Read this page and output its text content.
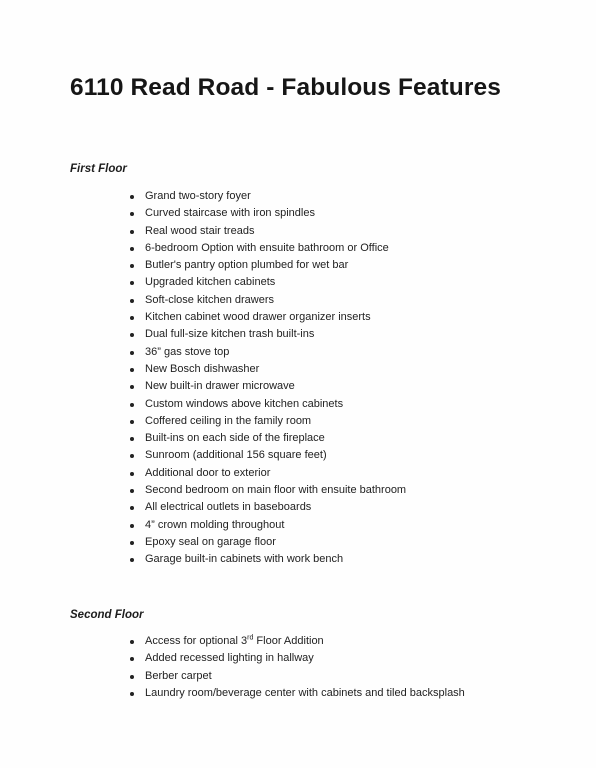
6110 Read Road - Fabulous Features
First Floor
Grand two-story foyer
Curved staircase with iron spindles
Real wood stair treads
6-bedroom Option with ensuite bathroom or Office
Butler's pantry option plumbed for wet bar
Upgraded kitchen cabinets
Soft-close kitchen drawers
Kitchen cabinet wood drawer organizer inserts
Dual full-size kitchen trash built-ins
36” gas stove top
New Bosch dishwasher
New built-in drawer microwave
Custom windows above kitchen cabinets
Coffered ceiling in the family room
Built-ins on each side of the fireplace
Sunroom (additional 156 square feet)
Additional door to exterior
Second bedroom on main floor with ensuite bathroom
All electrical outlets in baseboards
4” crown molding throughout
Epoxy seal on garage floor
Garage built-in cabinets with work bench
Second Floor
Access for optional 3rd Floor Addition
Added recessed lighting in hallway
Berber carpet
Laundry room/beverage center with cabinets and tiled backsplash
